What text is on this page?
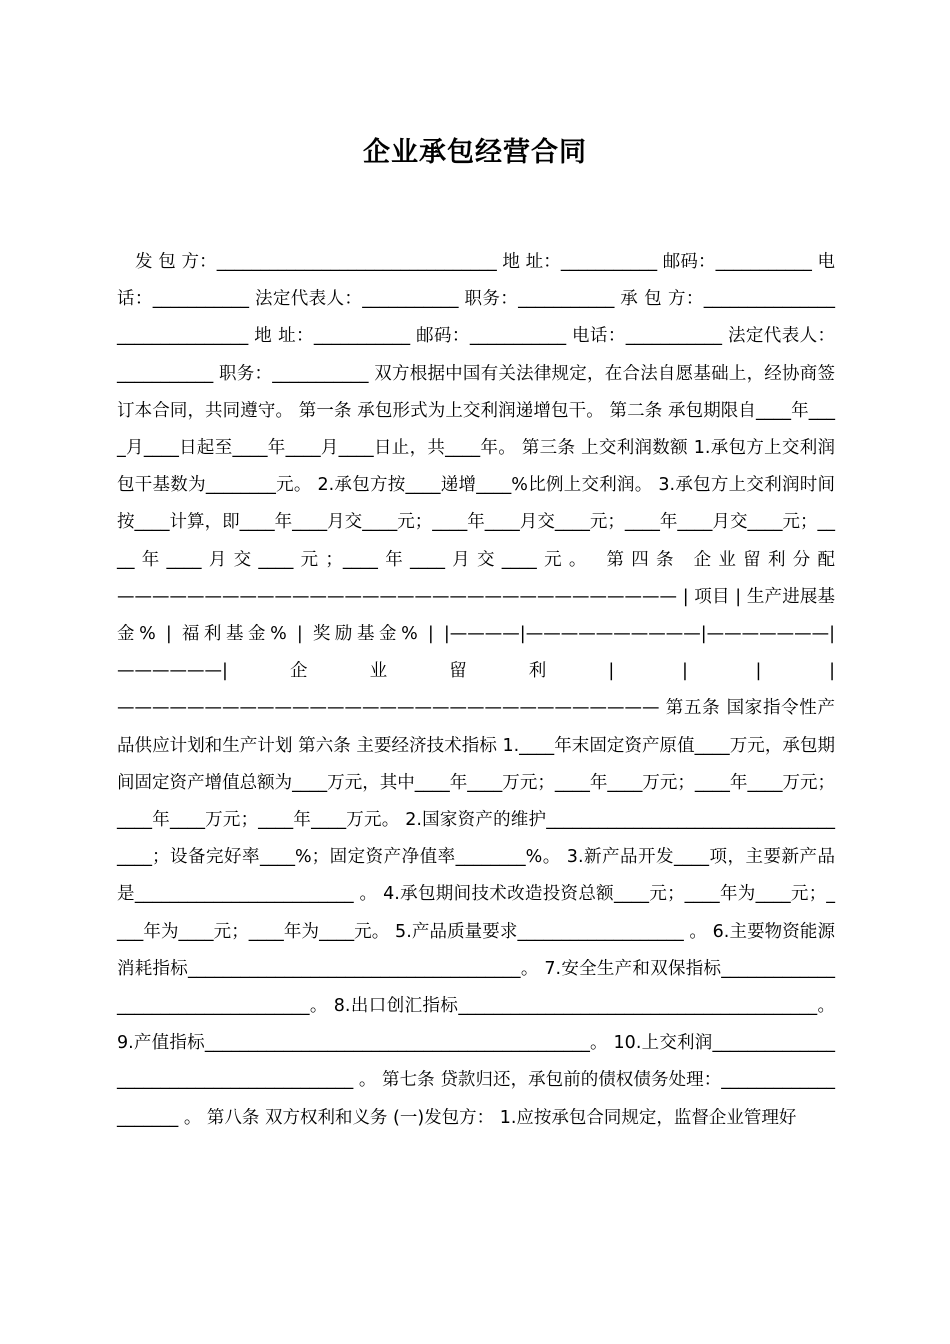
企业承包经营合同

发 包 方：________________________________ 地 址：___________ 邮码：___________ 电话：___________ 法定代表人：___________ 职务：___________ 承 包 方：______________________________ 地 址：___________ 邮码：___________ 电话：___________ 法定代表人：___________ 职务：___________ 双方根据中国有关法律规定，在合法自愿基础上，经协商签订本合同，共同遵守。 第一条 承包形式为上交利润递增包干。 第二条 承包期限自____年____月____日起至____年____月____日止，共____年。 第三条 上交利润数额 1.承包方上交利润包干基数为________元。 2.承包方按____递增____%比例上交利润。 3.承包方上交利润时间按____计算，即____年____月交____元；____年____月交____元；____年____月交____元；____年____月交____元；____年____月交____元。 第四条 企业留利分配 ———————————————————————————————— | 项目 | 生产进展基金% | 福利基金% | 奖励基金% | |————|——————————|———————|——————|企业留利| | | | ——————————————————————————————— 第五条 国家指令性产品供应计划和生产计划 第六条 主要经济技术指标 1.____年末固定资产原值____万元，承包期间固定资产增值总额为____万元，其中____年____万元；____年____万元；____年____万元；____年____万元；____年____万元。 2.国家资产的维护_____________________________________；设备完好率____%；固定资产净值率________%。 3.新产品开发____项，主要新产品是_________________________ 。 4.承包期间技术改造投资总额____元；____年为____元；____年为____元；____年为____元。 5.产品质量要求___________________ 。 6.主要物资能源消耗指标______________________________________。 7.安全生产和双保指标___________________________________。 8.出口创汇指标_________________________________________。 9.产值指标____________________________________________。 10.上交利润_________________________________________ 。 第七条 贷款归还，承包前的债权债务处理：____________________ 。 第八条 双方权利和义务 (一)发包方： 1.应按承包合同规定，监督企业管理好
